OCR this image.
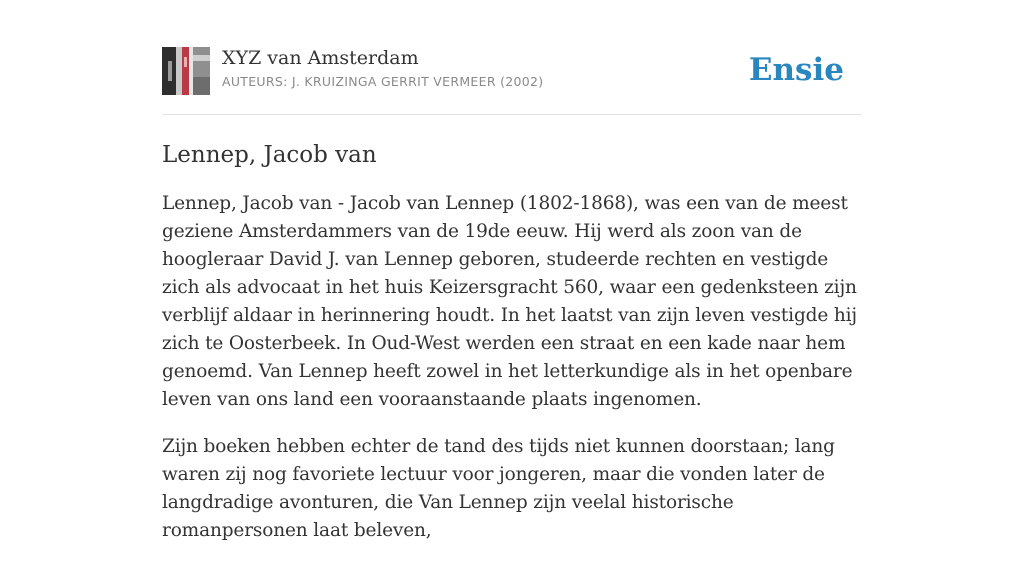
XYZ van Amsterdam
AUTEURS: J. KRUIZINGA GERRIT VERMEER (2002)	Ensie
Lennep, Jacob van

Lennep, Jacob van - Jacob van Lennep (1802-1868), was een van de meest geziene Amsterdammers van de 19de eeuw. Hij werd als zoon van de hoogleraar David J. van Lennep geboren, studeerde rechten en vestigde zich als advocaat in het huis Keizersgracht 560, waar een gedenksteen zijn verblijf aldaar in herinnering houdt. In het laatst van zijn leven vestigde hij zich te Oosterbeek. In Oud-West werden een straat en een kade naar hem genoemd. Van Lennep heeft zowel in het letterkundige als in het openbare leven van ons land een vooraanstaande plaats ingenomen.

Zijn boeken hebben echter de tand des tijds niet kunnen doorstaan; lang waren zij nog favoriete lectuur voor jongeren, maar die vonden later de langdradige avonturen, die Van Lennep zijn veelal historische romanpersonen laat beleven,
